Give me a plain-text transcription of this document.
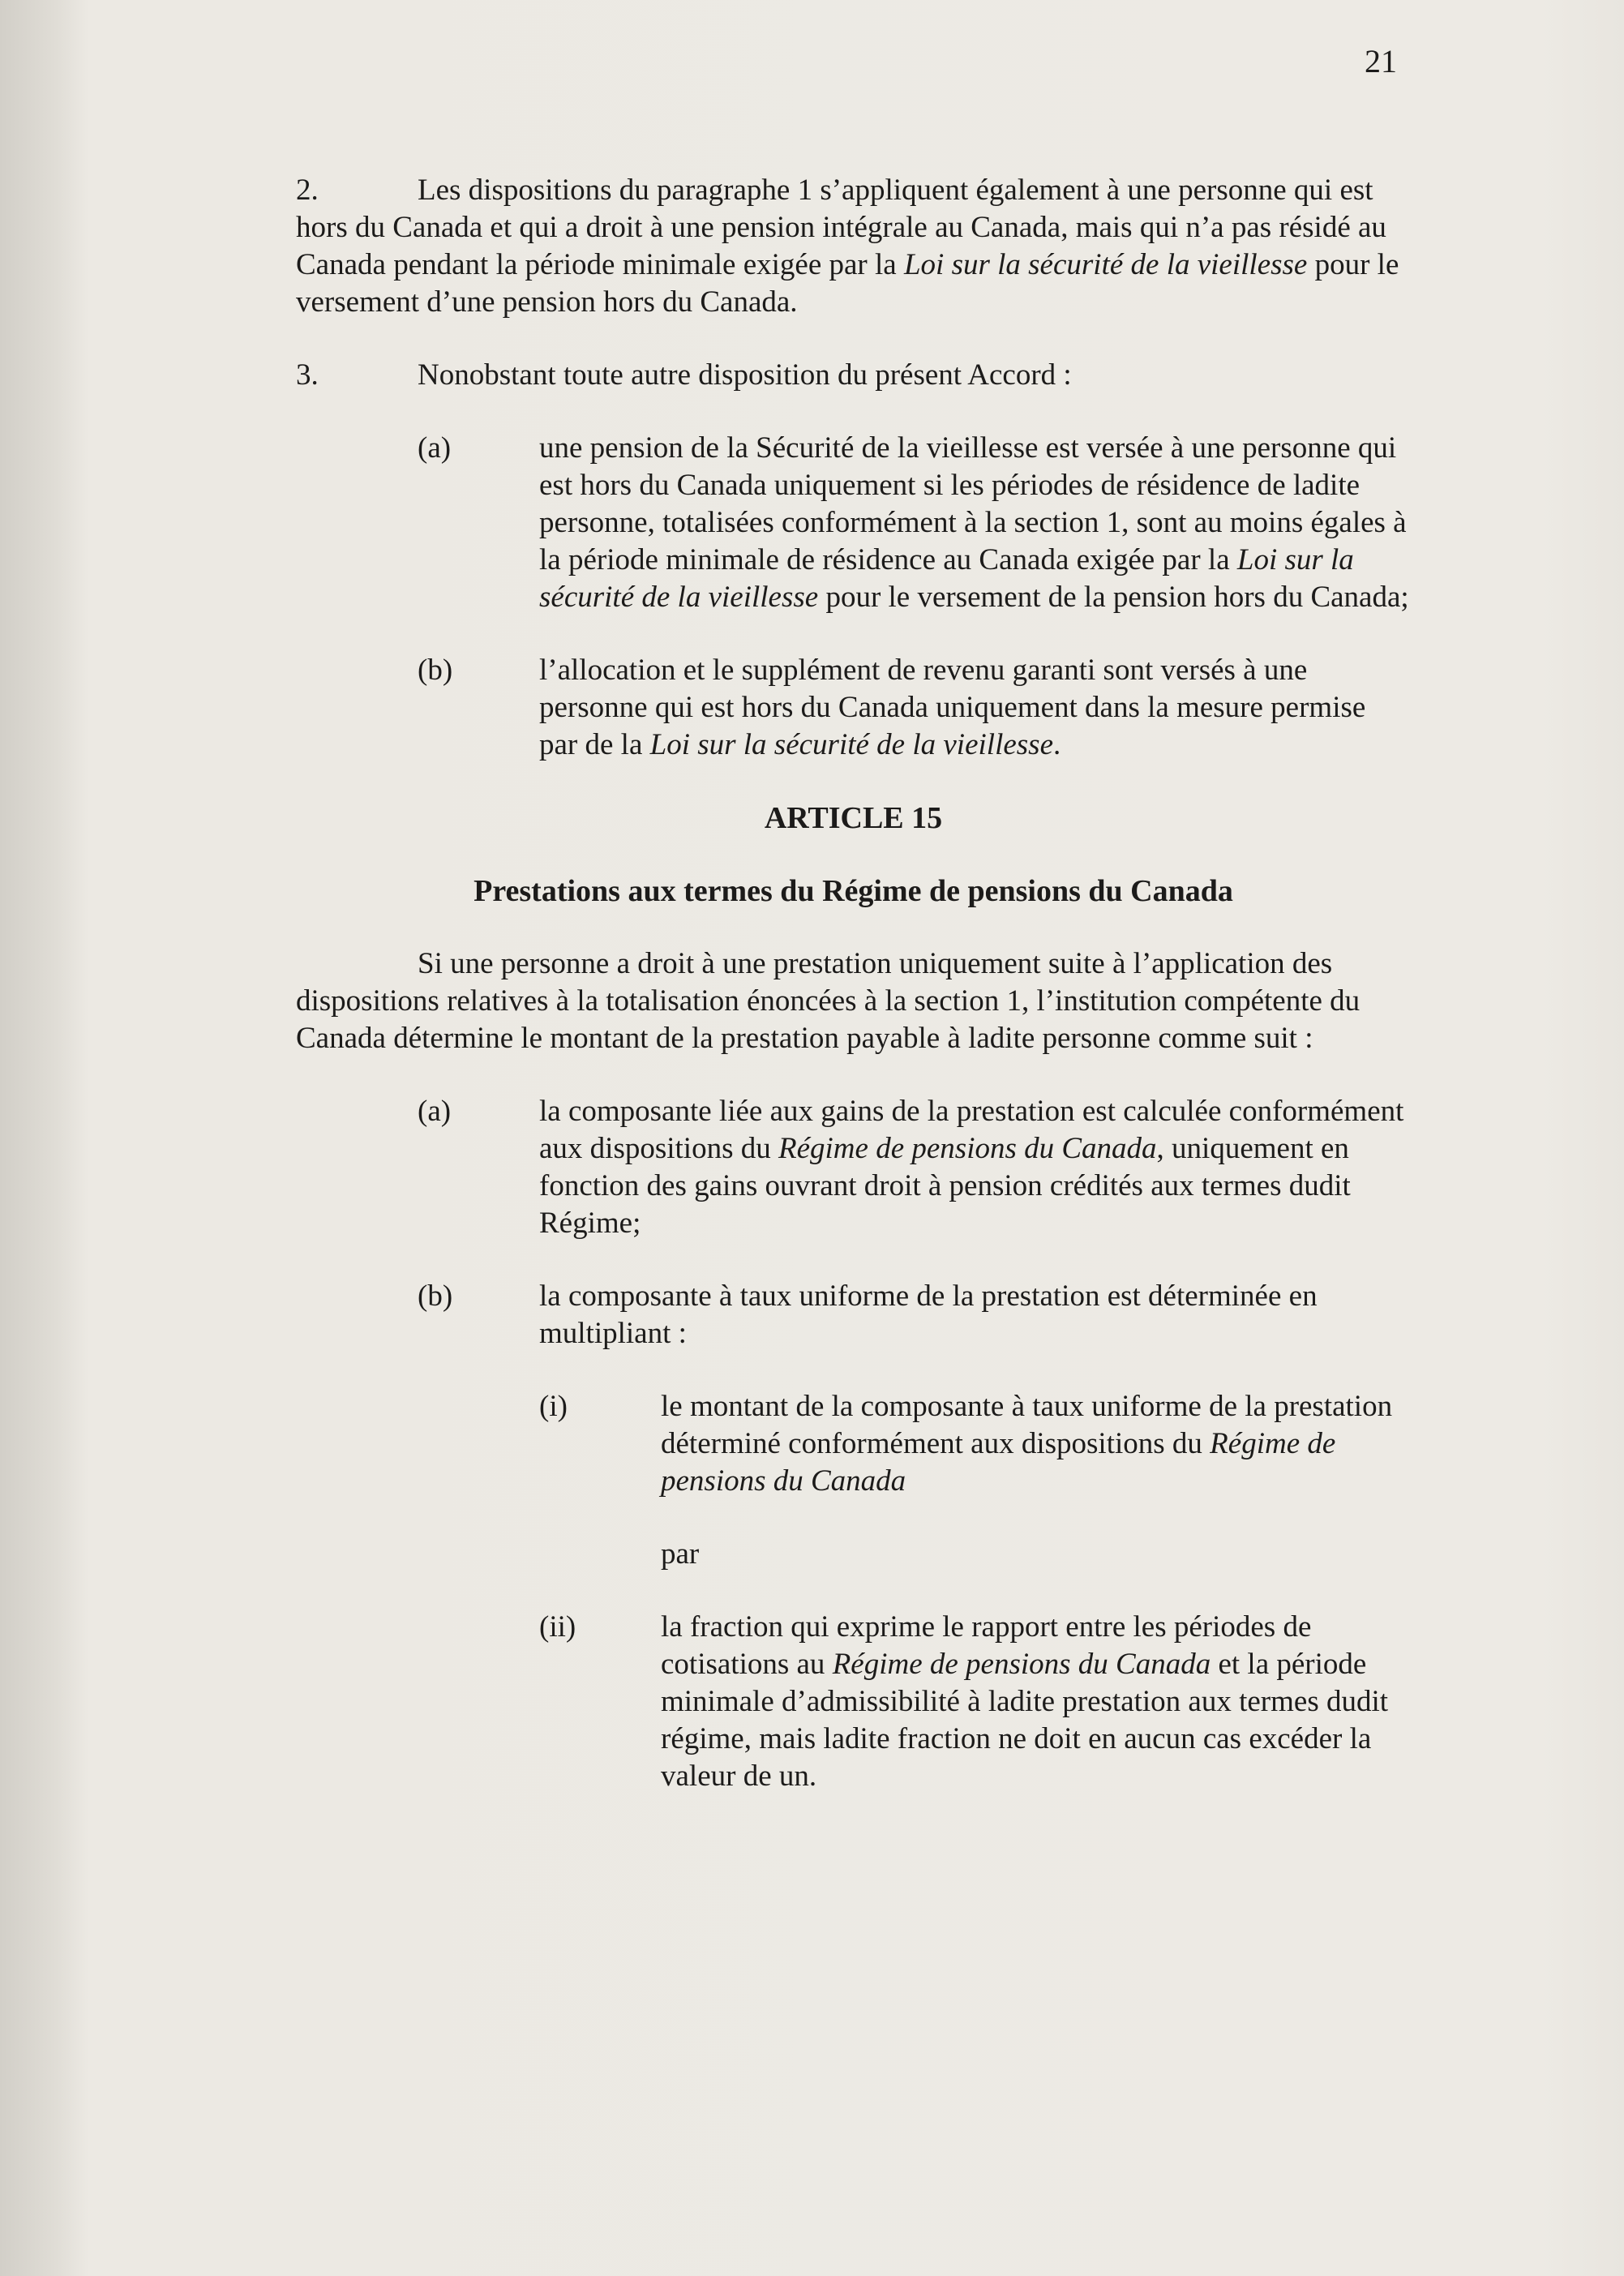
21

2.	Les dispositions du paragraphe 1 s’appliquent également à une personne qui est hors du Canada et qui a droit à une pension intégrale au Canada, mais qui n’a pas résidé au Canada pendant la période minimale exigée par la Loi sur la sécurité de la vieillesse pour le versement d’une pension hors du Canada.

3.	Nonobstant toute autre disposition du présent Accord :

(a)	une pension de la Sécurité de la vieillesse est versée à une personne qui est hors du Canada uniquement si les périodes de résidence de ladite personne, totalisées conformément à la section 1, sont au moins égales à la période minimale de résidence au Canada exigée par la Loi sur la sécurité de la vieillesse pour le versement de la pension hors du Canada;
(b)	l’allocation et le supplément de revenu garanti sont versés à une personne qui est hors du Canada uniquement dans la mesure permise par de la Loi sur la sécurité de la vieillesse.
ARTICLE 15
Prestations aux termes du Régime de pensions du Canada

Si une personne a droit à une prestation uniquement suite à l’application des dispositions relatives à la totalisation énoncées à la section 1, l’institution compétente du Canada détermine le montant de la prestation payable à ladite personne comme suit :

(a)	la composante liée aux gains de la prestation est calculée conformément aux dispositions du Régime de pensions du Canada, uniquement en fonction des gains ouvrant droit à pension crédités aux termes dudit Régime;
(b)	la composante à taux uniforme de la prestation est déterminée en multipliant :
(i)	le montant de la composante à taux uniforme de la prestation déterminé conformément aux dispositions du Régime de pensions du Canada

par

(ii)	la fraction qui exprime le rapport entre les périodes de cotisations au Régime de pensions du Canada et la période minimale d’admissibilité à ladite prestation aux termes dudit régime, mais ladite fraction ne doit en aucun cas excéder la valeur de un.
